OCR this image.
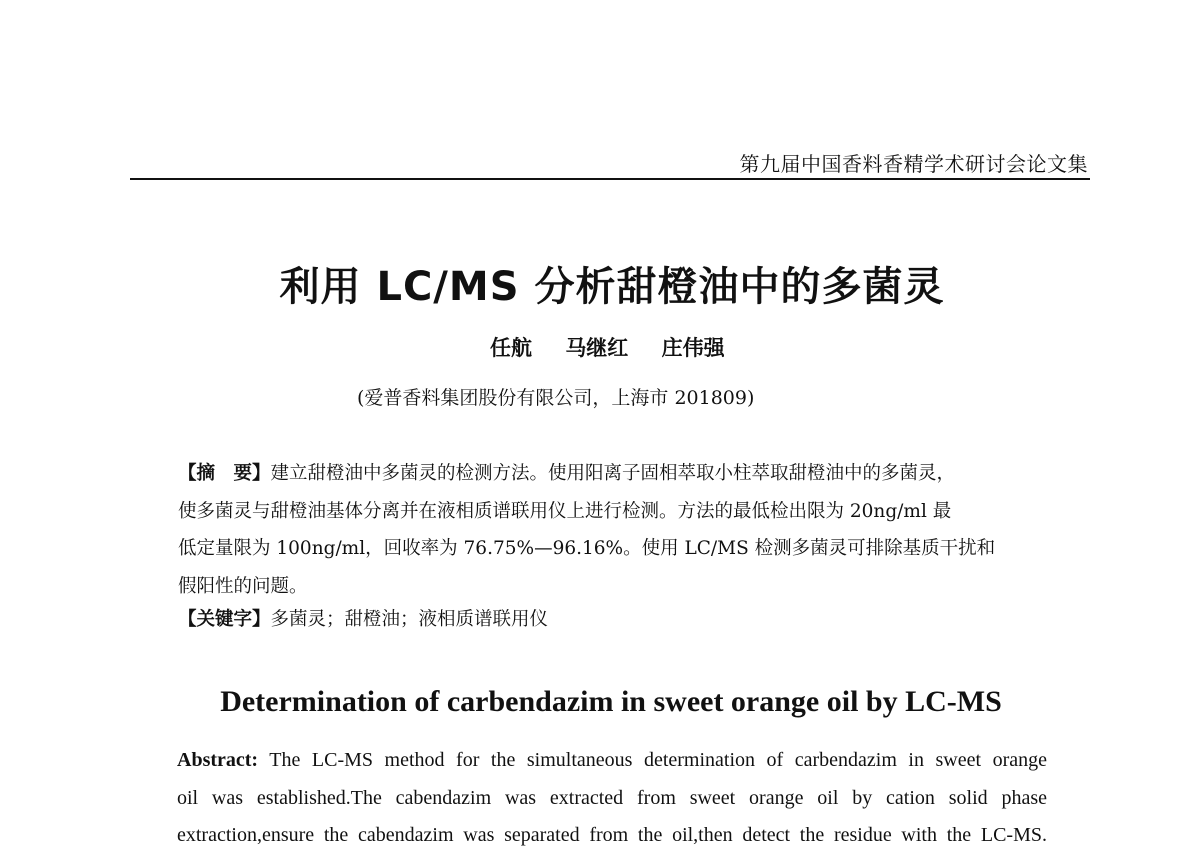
第九届中国香料香精学术研讨会论文集
利用 LC/MS 分析甜橙油中的多菌灵
任航 马继红 庄伟强
(爱普香料集团股份有限公司，上海市 201809)
【摘　要】建立甜橙油中多菌灵的检测方法。使用阳离子固相萃取小柱萃取甜橙油中的多菌灵，
使多菌灵与甜橙油基体分离并在液相质谱联用仪上进行检测。方法的最低检出限为 20ng/ml 最
低定量限为 100ng/ml，回收率为 76.75%—96.16%。使用 LC/MS 检测多菌灵可排除基质干扰和
假阳性的问题。
【关键字】多菌灵；甜橙油；液相质谱联用仪
Determination of carbendazim in sweet orange oil by LC-MS
Abstract: The LC-MS method for the simultaneous determination of carbendazim in sweet orange
oil was established.The cabendazim was extracted from sweet orange oil by cation solid phase
extraction,ensure the cabendazim was separated from the oil,then detect the residue with the LC-MS.
